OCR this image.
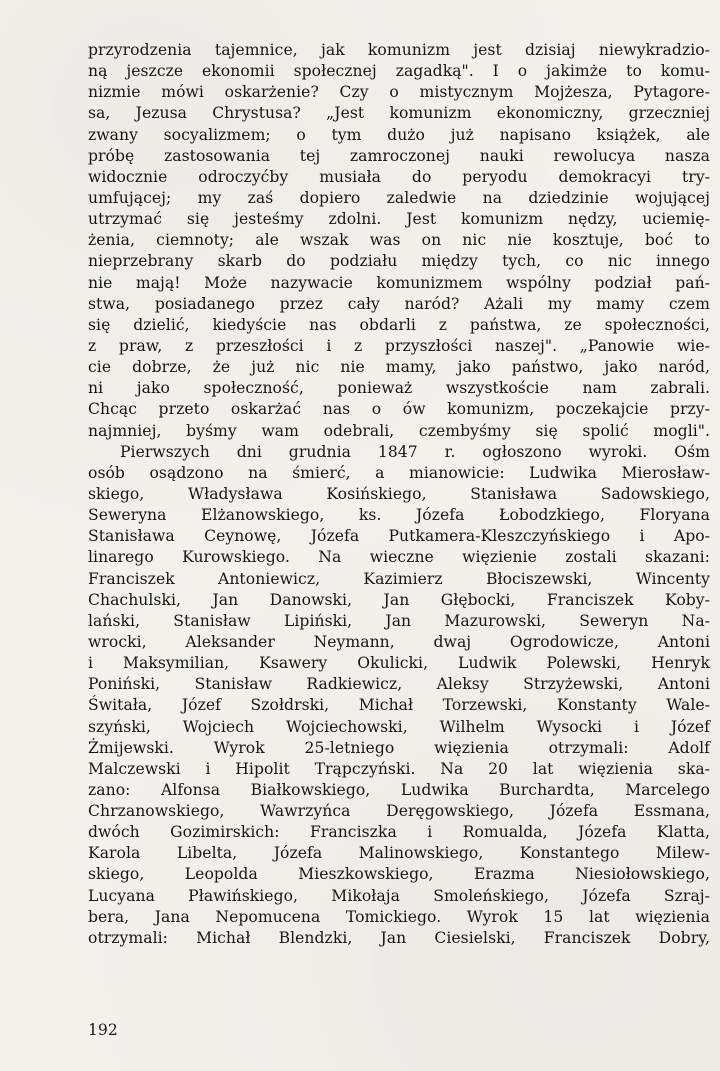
przyrodzenia tajemnice, jak komunizm jest dzisiaj niewykradzio-
ną jeszcze ekonomii społecznej zagadką". I o jakimże to komu-
nizmie mówi oskarżenie? Czy o mistycznym Mojżesza, Pytagore-
sa, Jezusa Chrystusa? „Jest komunizm ekonomiczny, grzeczniej
zwany socyalizmem; o tym dużo już napisano książek, ale
próbę zastosowania tej zamroczonej nauki rewolucya nasza
widocznie odroczyćby musiała do peryodu demokracyi try-
umfującej; my zaś dopiero zaledwie na dziedzinie wojującej
utrzymać się jesteśmy zdolni. Jest komunizm nędzy, uciemię-
żenia, ciemnoty; ale wszak was on nic nie kosztuje, boć to
nieprzebrany skarb do podziału między tych, co nic innego
nie mają! Może nazywacie komunizmem wspólny podział pań-
stwa, posiadanego przez cały naród? Ażali my mamy czem
się dzielić, kiedyście nas obdarli z państwa, ze społeczności,
z praw, z przeszłości i z przyszłości naszej". „Panowie wie-
cie dobrze, że już nic nie mamy, jako państwo, jako naród,
ni jako społeczność, ponieważ wszystkoście nam zabrali.
Chcąc przeto oskarżać nas o ów komunizm, poczekajcie przy-
najmniej, byśmy wam odebrali, czembyśmy się spolić mogli".
Pierwszych dni grudnia 1847 r. ogłoszono wyroki. Ośm
osób osądzono na śmierć, a mianowicie: Ludwika Mierosław-
skiego, Władysława Kosińskiego, Stanisława Sadowskiego,
Seweryna Elżanowskiego, ks. Józefa Łobodzkiego, Floryana
Stanisława Ceynowę, Józefa Putkamera-Kleszczyńskiego i Apo-
linarego Kurowskiego. Na wieczne więzienie zostali skazani:
Franciszek Antoniewicz, Kazimierz Błociszewski, Wincenty
Chachulski, Jan Danowski, Jan Głębocki, Franciszek Koby-
lański, Stanisław Lipiński, Jan Mazurowski, Seweryn Na-
wrocki, Aleksander Neymann, dwaj Ogrodowicze, Antoni
i Maksymilian, Ksawery Okulicki, Ludwik Polewski, Henryk
Poniński, Stanisław Radkiewicz, Aleksy Strzyżewski, Antoni
Świtała, Józef Szołdrski, Michał Torzewski, Konstanty Wale-
szyński, Wojciech Wojciechowski, Wilhelm Wysocki i Józef
Żmijewski. Wyrok 25-letniego więzienia otrzymali: Adolf
Malczewski i Hipolit Trąpczyński. Na 20 lat więzienia ska-
zano: Alfonsa Białkowskiego, Ludwika Burchardta, Marcelego
Chrzanowskiego, Wawrzyńca Deręgowskiego, Józefa Essmana,
dwóch Gozimirskich: Franciszka i Romualda, Józefa Klatta,
Karola Libelta, Józefa Malinowskiego, Konstantego Milew-
skiego, Leopolda Mieszkowskiego, Erazma Niesiołowskiego,
Lucyana Pławińskiego, Mikołaja Smoleńskiego, Józefa Szraj-
bera, Jana Nepomucena Tomickiego. Wyrok 15 lat więzienia
otrzymali: Michał Blendzki, Jan Ciesielski, Franciszek Dobry,
192
